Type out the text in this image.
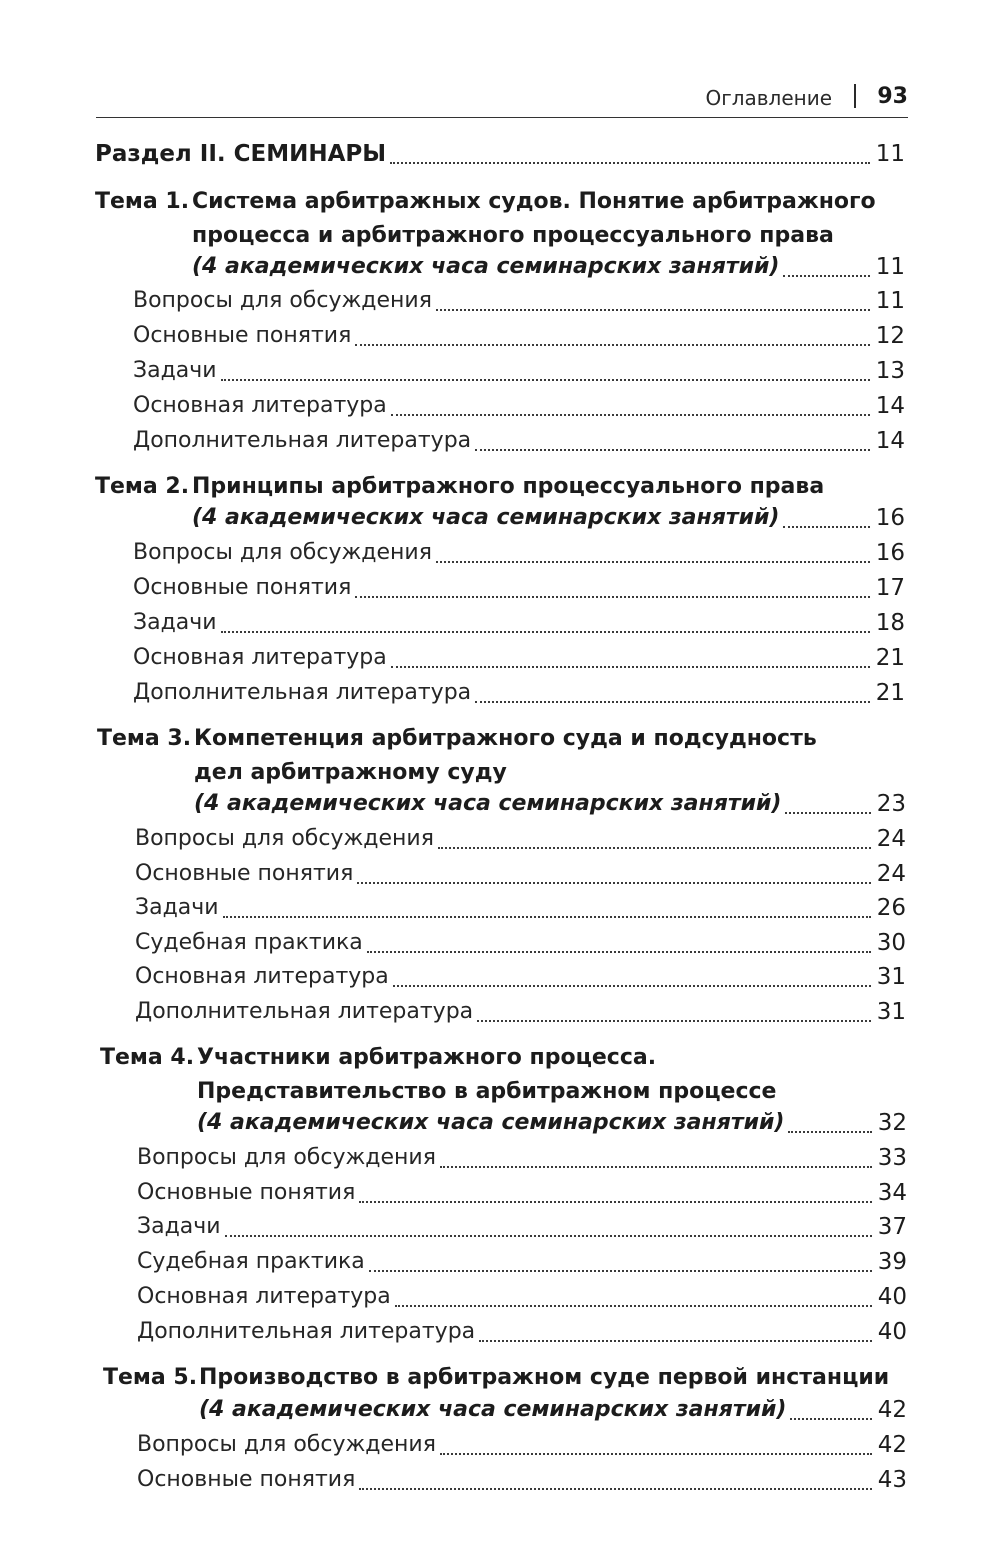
Оглавление 93
Раздел II. СЕМИНАРЫ	11
Тема 1. Система арбитражных судов. Понятие арбитражного
процесса и арбитражного процессуального права
(4 академических часа семинарских занятий)	11
Вопросы для обсуждения	11
Основные понятия	12
Задачи	13
Основная литература	14
Дополнительная литература	14
Тема 2. Принципы арбитражного процессуального права
(4 академических часа семинарских занятий)	16
Вопросы для обсуждения	16
Основные понятия	17
Задачи	18
Основная литература	21
Дополнительная литература	21
Тема 3. Компетенция арбитражного суда и подсудность
дел арбитражному суду
(4 академических часа семинарских занятий)	23
Вопросы для обсуждения	24
Основные понятия	24
Задачи	26
Судебная практика	30
Основная литература	31
Дополнительная литература	31
Тема 4. Участники арбитражного процесса.
Представительство в арбитражном процессе
(4 академических часа семинарских занятий)	32
Вопросы для обсуждения	33
Основные понятия	34
Задачи	37
Судебная практика	39
Основная литература	40
Дополнительная литература	40
Тема 5. Производство в арбитражном суде первой инстанции
(4 академических часа семинарских занятий)	42
Вопросы для обсуждения	42
Основные понятия	43
